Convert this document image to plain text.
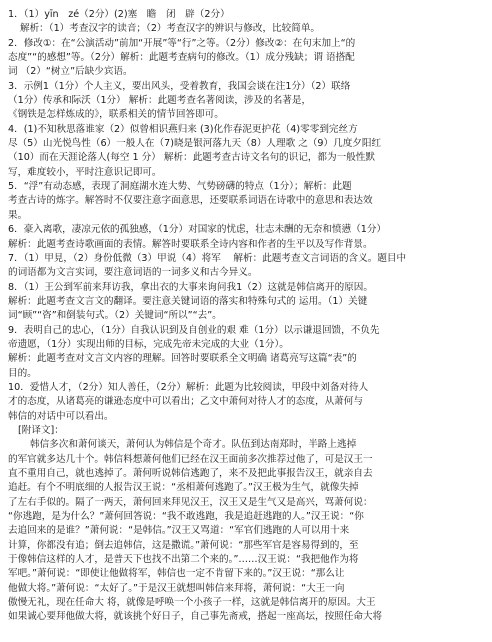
1．（1）yīn　zé（2分）(2)塞　瞻　闭　辟（2分）
解析：（1）考查汉字的读音；（2）考查汉字的辨识与修改，比较简单。
2．修改①：在“公演活动”前加“开展”等“行”之等。（2分）修改②：在句末加上“的
态度”“的感想”等。（2分）解析：此题考查病句的修改。（1）成分残缺；谓 语搭配
词 （2）“树立”后缺少宾语。
3．示例1（1分）个人主义，要出风头，受着教育，我国会谈在注1分）（2）联络
（1分）传承和际沃（1分） 解析：此题考查名著阅读，涉及的名著是，
《钢铁是怎样炼成的》，联系相关的情节回答即可。
4．(1)不知秋思落谁家（2）似曾相识燕归来 (3)化作春泥更护花（4)零零到完丝方
尽（5）山光悦鸟性（6）一般人在（7)晓是银河落九天（8）人理歌 之（9）几度夕阳红
（10）而在天涯论落人(每空 1 分） 解析：此题考查古诗文名句的识记，都为一般性默
写，难度较小，平时注意识记即可。
5．“浮”有动态感，表现了洞庭湖水连大势、气势磅礴的特点（1分）；解析：此题
考查古诗的炼字。解答时不仅要注意字面意思，还要联系词语在诗歌中的意思和表达效
果。
6．豪入离歌，凄凉元依的孤独感，（1分）对国家的忧虑，壮志未酬的无奈和愤懑（1分）
解析：此题考查诗歌画面的表情。解答时要联系全诗内容和作者的生平以及写作背景。
7．（1）甲見，（2）身份低微（3）甲说（4）将军 　解析：此题考查文言词语的含义。题目中
的词语都为文言实词，要注意词语的一词多义和古今异义。
8．（1）王公到军前来拜访我，拿出衣的大事来询问我1（2）这就是韩信离开的原因。
解析：此题考查文言文的翻译。要注意关键词语的落实和特殊句式的 运用。（1）关键
词“顾”“咨”和倒装句式。（2）关键词“所以”“去”。
9．表明自己的忠心，（1分）自我认识到及自创业的艰 难（1分）以示谦退回馈，不负先
帝遗愿，（1分）实现出师的目标，完成先帝未完成的大业（1分）。
解析：此题考查对文言文内容的理解。回答时要联系全文明确 诸葛亮写这篇“表”的
目的。
10．爱惜人才，（2分）知人善任，（2分）解析：此题为比较阅读，甲段中刘备对待人
才的态度，从诸葛亮的谦逊态度中可以看出；乙文中萧何对待人才的态度，从萧何与
韩信的对话中可以看出。
[附译文]：
韩信多次和萧何谈天，萧何认为韩信是个奇才。队伍到达南郑时，半路上逃掉
的军官就多达几十个。韩信料想萧何他们已经在汉王面前多次推荐过他了，可是汉王一
直不重用自己，就也逃掉了。萧何听说韩信逃跑了，来不及把此事报告汉王，就亲自去
追赶。有个不明底细的人报告汉王说：“丞相萧何逃跑了。”汉王极为生气，就像失掉
了左右手似的。隔了一两天，萧何回来拜见汉王，汉王又是生气又是高兴，骂萧何说：
“你逃跑，是为什么？”萧何回答说：“我不敢逃跑，我是追赶逃跑的人。”汉王说：“你
去追回来的是谁？”萧何说：“是韩信。”汉王又骂道：“军官们逃跑的人可以用十来
计算，你都没有追；倒去追韩信，这是撒谎。”萧何说：“那些军官是容易得到的，至
于像韩信这样的人才，是普天下也找不出第二个来的。”……汉王说：“我把他作为将
军吧。”萧何说：“即使让他做将军，韩信也一定不肯留下来的。”汉王说：“那么让
他做大将。”萧何说：“太好了。”于是汉王就想叫韩信来拜将，萧何说：“大王一向
傲慢无礼，现在任命大 将，就像是呼唤一个小孩子一样，这就是韩信离开的原因。大王
如果诚心要拜他做大将，就该挑个好日子，自己事先斋戒，搭起一座高坛，按照任命大将
